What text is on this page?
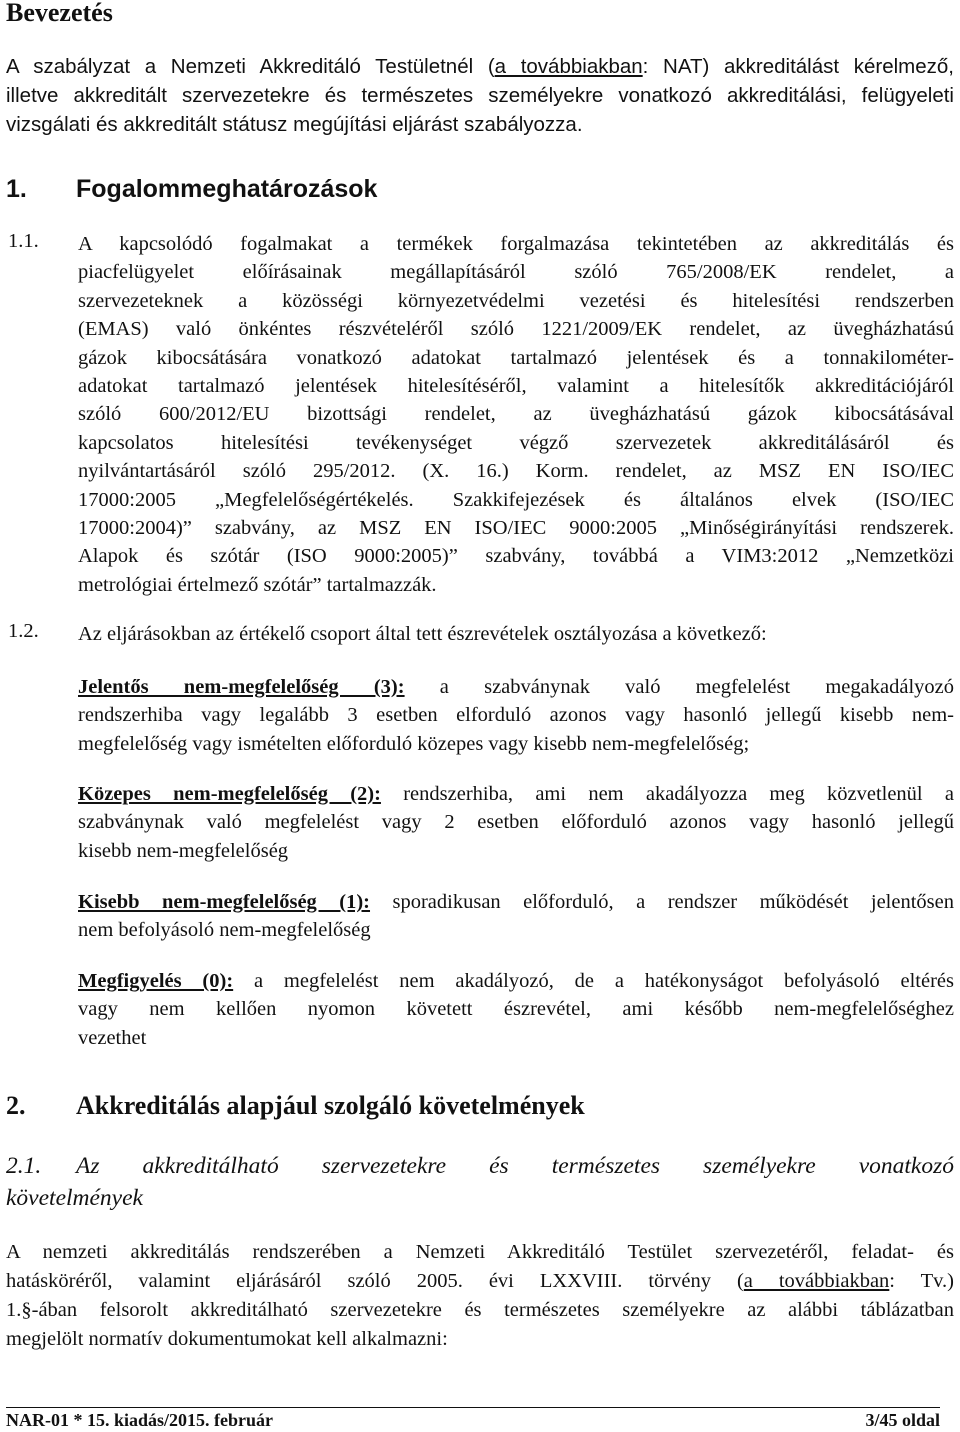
Bevezetés

A szabályzat a Nemzeti Akkreditáló Testületnél (a továbbiakban: NAT) akkreditálást kérelmező,
illetve akkreditált szervezetekre és természetes személyekre vonatkozó akkreditálási, felügyeleti
vizsgálati és akkreditált státusz megújítási eljárást szabályozza.

1. Fogalommeghatározások
1.1. A kapcsolódó fogalmakat a termékek forgalmazása tekintetében az akkreditálás és
piacfelügyelet előírásainak megállapításáról szóló 765/2008/EK rendelet, a
szervezeteknek a közösségi környezetvédelmi vezetési és hitelesítési rendszerben
(EMAS) való önkéntes részvételéről szóló 1221/2009/EK rendelet, az üvegházhatású
gázok kibocsátására vonatkozó adatokat tartalmazó jelentések és a tonnakilométer-
adatokat tartalmazó jelentések hitelesítéséről, valamint a hitelesítők akkreditációjáról
szóló 600/2012/EU bizottsági rendelet, az üvegházhatású gázok kibocsátásával
kapcsolatos hitelesítési tevékenységet végző szervezetek akkreditálásáról és
nyilvántartásáról szóló 295/2012. (X. 16.) Korm. rendelet, az MSZ EN ISO/IEC
17000:2005 „Megfelelőségértékelés. Szakkifejezések és általános elvek (ISO/IEC
17000:2004)” szabvány, az MSZ EN ISO/IEC 9000:2005 „Minőségirányítási rendszerek.
Alapok és szótár (ISO 9000:2005)” szabvány, továbbá a VIM3:2012 „Nemzetközi
metrológiai értelmező szótár” tartalmazzák.

1.2. Az eljárásokban az értékelő csoport által tett észrevételek osztályozása a következő:

Jelentős nem-megfelelőség (3): a szabványnak való megfelelést megakadályozó
rendszerhiba vagy legalább 3 esetben elforduló azonos vagy hasonló jellegű kisebb nem-
megfelelőség vagy ismételten előforduló közepes vagy kisebb nem-megfelelőség;

Közepes nem-megfelelőség (2): rendszerhiba, ami nem akadályozza meg közvetlenül a
szabványnak való megfelelést vagy 2 esetben előforduló azonos vagy hasonló jellegű
kisebb nem-megfelelőség

Kisebb nem-megfelelőség (1): sporadikusan előforduló, a rendszer működését jelentősen
nem befolyásoló nem-megfelelőség

Megfigyelés (0): a megfelelést nem akadályozó, de a hatékonyságot befolyásoló eltérés
vagy nem kellően nyomon követett észrevétel, ami később nem-megfelelőséghez
vezethet

2. Akkreditálás alapjául szolgáló követelmények

2.1. Az akkreditálható szervezetekre és természetes személyekre vonatkozó
követelmények

A nemzeti akkreditálás rendszerében a Nemzeti Akkreditáló Testület szervezetéről, feladat- és
hatásköréről, valamint eljárásáról szóló 2005. évi LXXVIII. törvény (a továbbiakban: Tv.)
1.§-ában felsorolt akkreditálható szervezetekre és természetes személyekre az alábbi táblázatban
megjelölt normatív dokumentumokat kell alkalmazni:

NAR-01 * 15. kiadás/2015. február	3/45 oldal
